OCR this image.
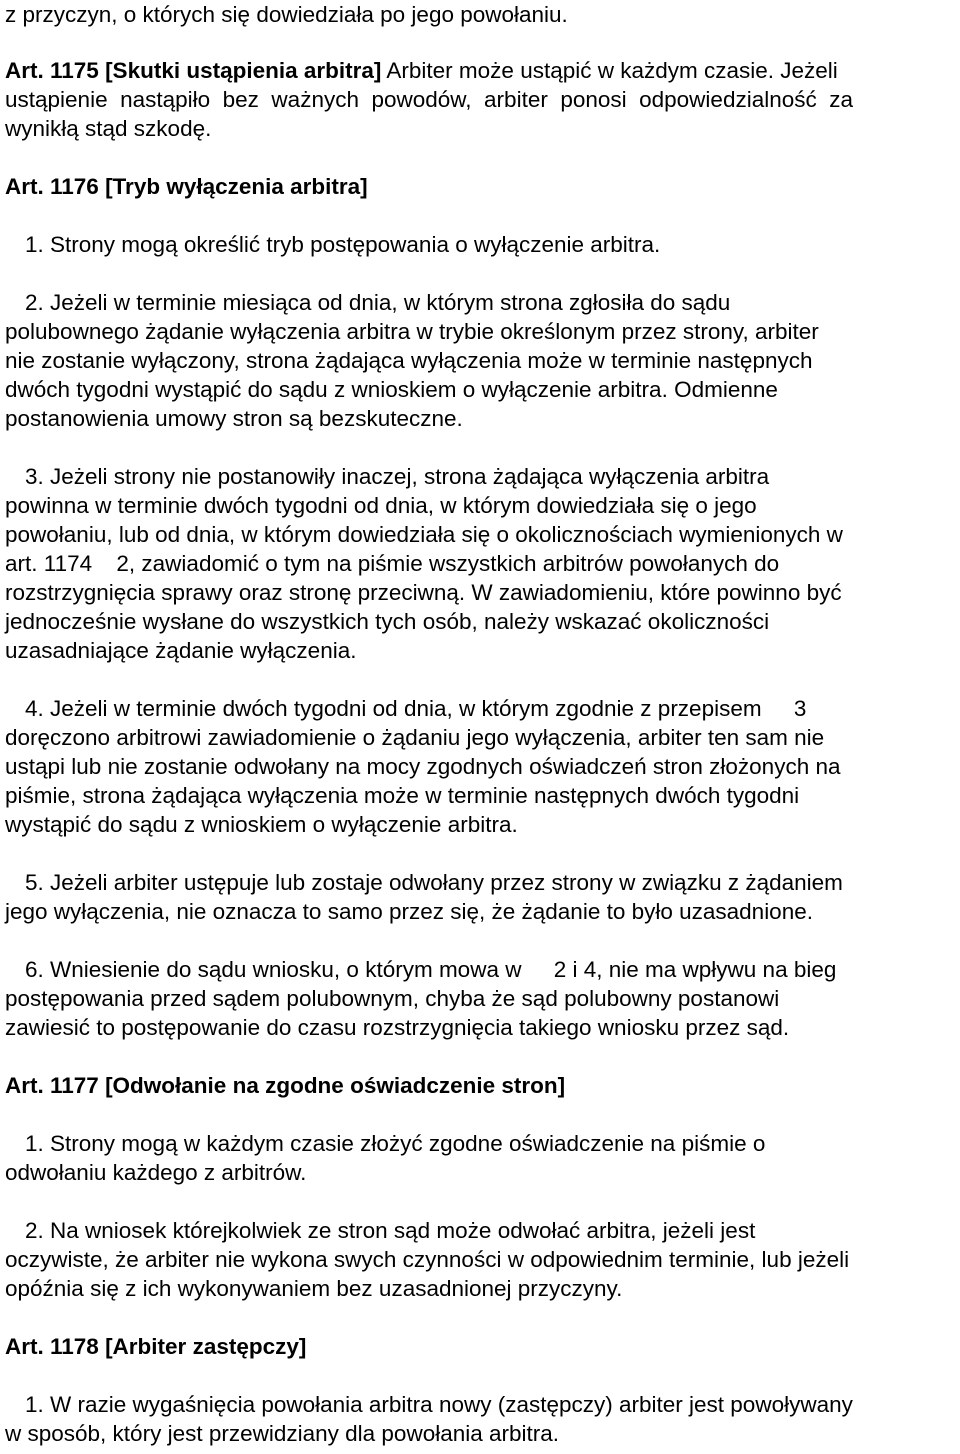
z przyczyn, o których się dowiedziała po jego powołaniu.

Art. 1175 [Skutki ustąpienia arbitra] Arbiter może ustąpić w każdym czasie. Jeżeli

ustąpienie  nastąpiło  bez  ważnych  powodów,  arbiter  ponosi  odpowiedzialność  za

wynikłą stąd szkodę.

Art. 1176 [Tryb wyłączenia arbitra]

1. Strony mogą określić tryb postępowania o wyłączenie arbitra.

2. Jeżeli w terminie miesiąca od dnia, w którym strona zgłosiła do sądu

polubownego żądanie wyłączenia arbitra w trybie określonym przez strony, arbiter

nie zostanie wyłączony, strona żądająca wyłączenia może w terminie następnych

dwóch tygodni wystąpić do sądu z wnioskiem o wyłączenie arbitra. Odmienne

postanowienia umowy stron są bezskuteczne.

3. Jeżeli strony nie postanowiły inaczej, strona żądająca wyłączenia arbitra

powinna w terminie dwóch tygodni od dnia, w którym dowiedziała się o jego

powołaniu, lub od dnia, w którym dowiedziała się o okolicznościach wymienionych w

art. 1174 2, zawiadomić o tym na piśmie wszystkich arbitrów powołanych do

rozstrzygnięcia sprawy oraz stronę przeciwną. W zawiadomieniu, które powinno być

jednocześnie wysłane do wszystkich tych osób, należy wskazać okoliczności

uzasadniające żądanie wyłączenia.

4. Jeżeli w terminie dwóch tygodni od dnia, w którym zgodnie z przepisem 3

doręczono arbitrowi zawiadomienie o żądaniu jego wyłączenia, arbiter ten sam nie

ustąpi lub nie zostanie odwołany na mocy zgodnych oświadczeń stron złożonych na

piśmie, strona żądająca wyłączenia może w terminie następnych dwóch tygodni

wystąpić do sądu z wnioskiem o wyłączenie arbitra.

5. Jeżeli arbiter ustępuje lub zostaje odwołany przez strony w związku z żądaniem

jego wyłączenia, nie oznacza to samo przez się, że żądanie to było uzasadnione.

6. Wniesienie do sądu wniosku, o którym mowa w 2 i 4, nie ma wpływu na bieg

postępowania przed sądem polubownym, chyba że sąd polubowny postanowi

zawiesić to postępowanie do czasu rozstrzygnięcia takiego wniosku przez sąd.

Art. 1177 [Odwołanie na zgodne oświadczenie stron]

1. Strony mogą w każdym czasie złożyć zgodne oświadczenie na piśmie o

odwołaniu każdego z arbitrów.

2. Na wniosek którejkolwiek ze stron sąd może odwołać arbitra, jeżeli jest

oczywiste, że arbiter nie wykona swych czynności w odpowiednim terminie, lub jeżeli

opóźnia się z ich wykonywaniem bez uzasadnionej przyczyny.

Art. 1178 [Arbiter zastępczy]

1. W razie wygaśnięcia powołania arbitra nowy (zastępczy) arbiter jest powoływany

w sposób, który jest przewidziany dla powołania arbitra.
